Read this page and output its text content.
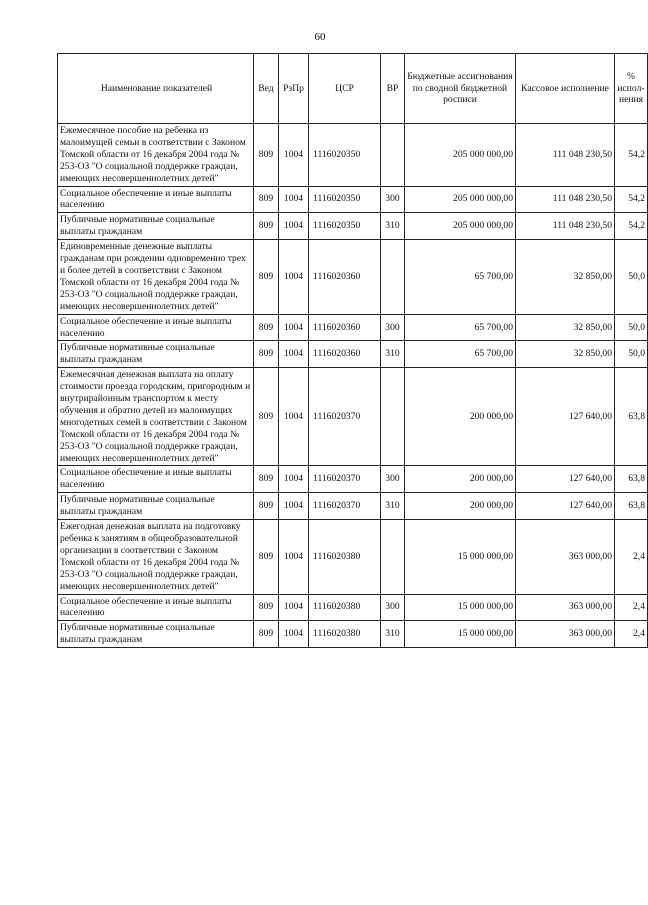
60
Наименование показателей	Вед	РзПр	ЦСР	ВР	Бюджетные ассигнования по сводной бюджетной росписи	Кассовое исполнение	% испол-нения
Ежемесячное пособие на ребенка из малоимущей семьи в соответствии с Законом Томской области от 16 декабря 2004 года № 253-ОЗ "О социальной поддержке граждан, имеющих несовершеннолетних детей"	809	1004	1116020350		205 000 000,00	111 048 230,50	54,2
Социальное обеспечение и иные выплаты населению	809	1004	1116020350	300	205 000 000,00	111 048 230,50	54,2
Публичные нормативные социальные выплаты гражданам	809	1004	1116020350	310	205 000 000,00	111 048 230,50	54,2
Единовременные денежные выплаты гражданам при рождении одновременно трех и более детей в соответствии с Законом Томской области от 16 декабря 2004 года № 253-ОЗ "О социальной поддержке граждан, имеющих несовершеннолетних детей"	809	1004	1116020360		65 700,00	32 850,00	50,0
Социальное обеспечение и иные выплаты населению	809	1004	1116020360	300	65 700,00	32 850,00	50,0
Публичные нормативные социальные выплаты гражданам	809	1004	1116020360	310	65 700,00	32 850,00	50,0
Ежемесячная денежная выплата на оплату стоимости проезда городским, пригородным и внутрирайонным транспортом к месту обучения и обратно детей из малоимущих многодетных семей в соответствии с Законом Томской области от 16 декабря 2004 года № 253-ОЗ "О социальной поддержке граждан, имеющих несовершеннолетних детей"	809	1004	1116020370		200 000,00	127 640,00	63,8
Социальное обеспечение и иные выплаты населению	809	1004	1116020370	300	200 000,00	127 640,00	63,8
Публичные нормативные социальные выплаты гражданам	809	1004	1116020370	310	200 000,00	127 640,00	63,8
Ежегодная денежная выплата на подготовку ребенка к занятиям в общеобразовательной организации в соответствии с Законом Томской области от 16 декабря 2004 года № 253-ОЗ "О социальной поддержке граждан, имеющих несовершеннолетних детей"	809	1004	1116020380		15 000 000,00	363 000,00	2,4
Социальное обеспечение и иные выплаты населению	809	1004	1116020380	300	15 000 000,00	363 000,00	2,4
Публичные нормативные социальные выплаты гражданам	809	1004	1116020380	310	15 000 000,00	363 000,00	2,4
